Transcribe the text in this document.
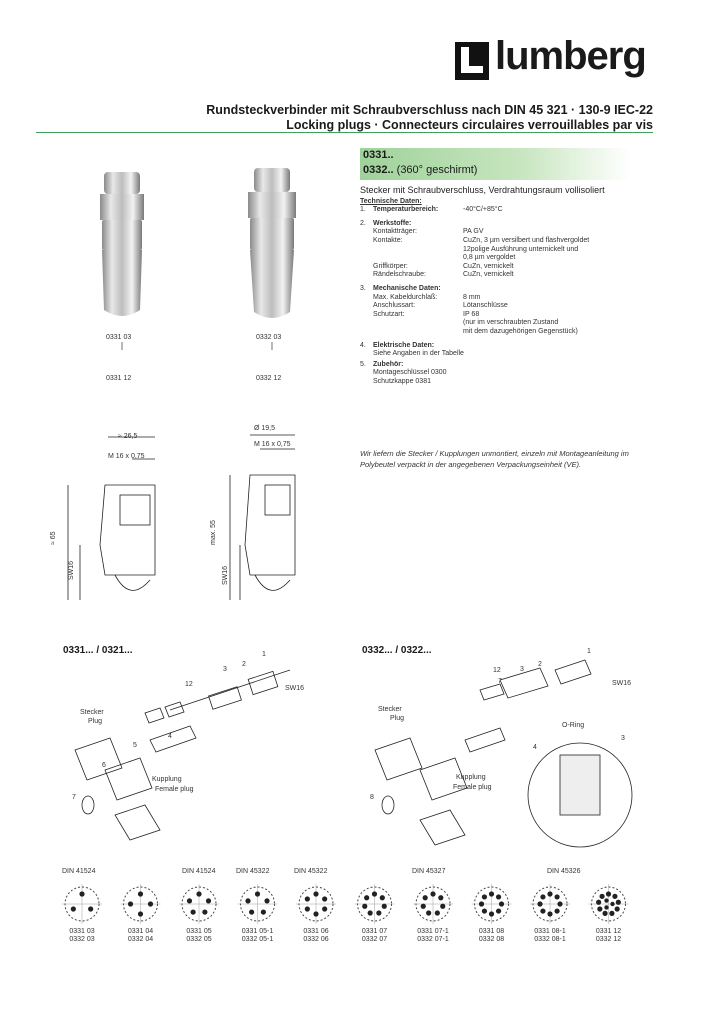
lumberg
Rundsteckverbinder mit Schraubverschluss nach DIN 45 321 · 130-9 IEC-22
Locking plugs · Connecteurs circulaires verrouillables par vis
0331..
0332.. (360° geschirmt)
Stecker mit Schraubverschluss, Verdrahtungsraum vollisoliert
Technische Daten:
1.	Temperaturbereich:	-40°C/+85°C
2.	Werkstoffe:
Kontaktträger:	PA GV
Kontakte:	CuZn, 3 µm versilbert und flashvergoldet
12polige Ausführung unternickelt und
0,8 µm vergoldet
Griffkörper:	CuZn, vernickelt
Rändelschraube:	CuZn, vernickelt
3.	Mechanische Daten:
Max. Kabeldurchlaß:	8 mm
Anschlussart:	Lötanschlüsse
Schutzart:	IP 68
(nur im verschraubten Zustand
mit dem dazugehörigen Gegenstück)
4.	Elektrische Daten:
Siehe Angaben in der Tabelle
5.	Zubehör:
Montageschlüssel 0300
Schutzkappe 0381
Wir liefern die Stecker / Kupplungen unmontiert, einzeln mit Montageanleitung im Polybeutel verpackt in der angegebenen Verpackungseinheit (VE).
0331 03
0331 12
0332 03
0332 12
≈ 26,5
M 16 x 0,75
≈ 65
SW16
Ø 19,5
M 16 x 0,75
max. 55
SW16
0331... / 0321...	1
2
3
12
SW16
Stecker
Plug
4
5
6
Kupplung
Female plug
7
0332... / 0322...	1
2
3
12
7	SW16
Stecker
Plug
O-Ring
3
4
Kupplung
Female plug
8
DIN 41524	DIN 41524	DIN 45322	DIN 45322	DIN 45327	DIN 45326
0331 03
0332 03
0331 04
0332 04
0331 05
0332 05
0331 05-1
0332 05-1
0331 06
0332 06
0331 07
0332 07
0331 07-1
0332 07-1
0331 08
0332 08
0331 08-1
0332 08-1
0331 12
0332 12
